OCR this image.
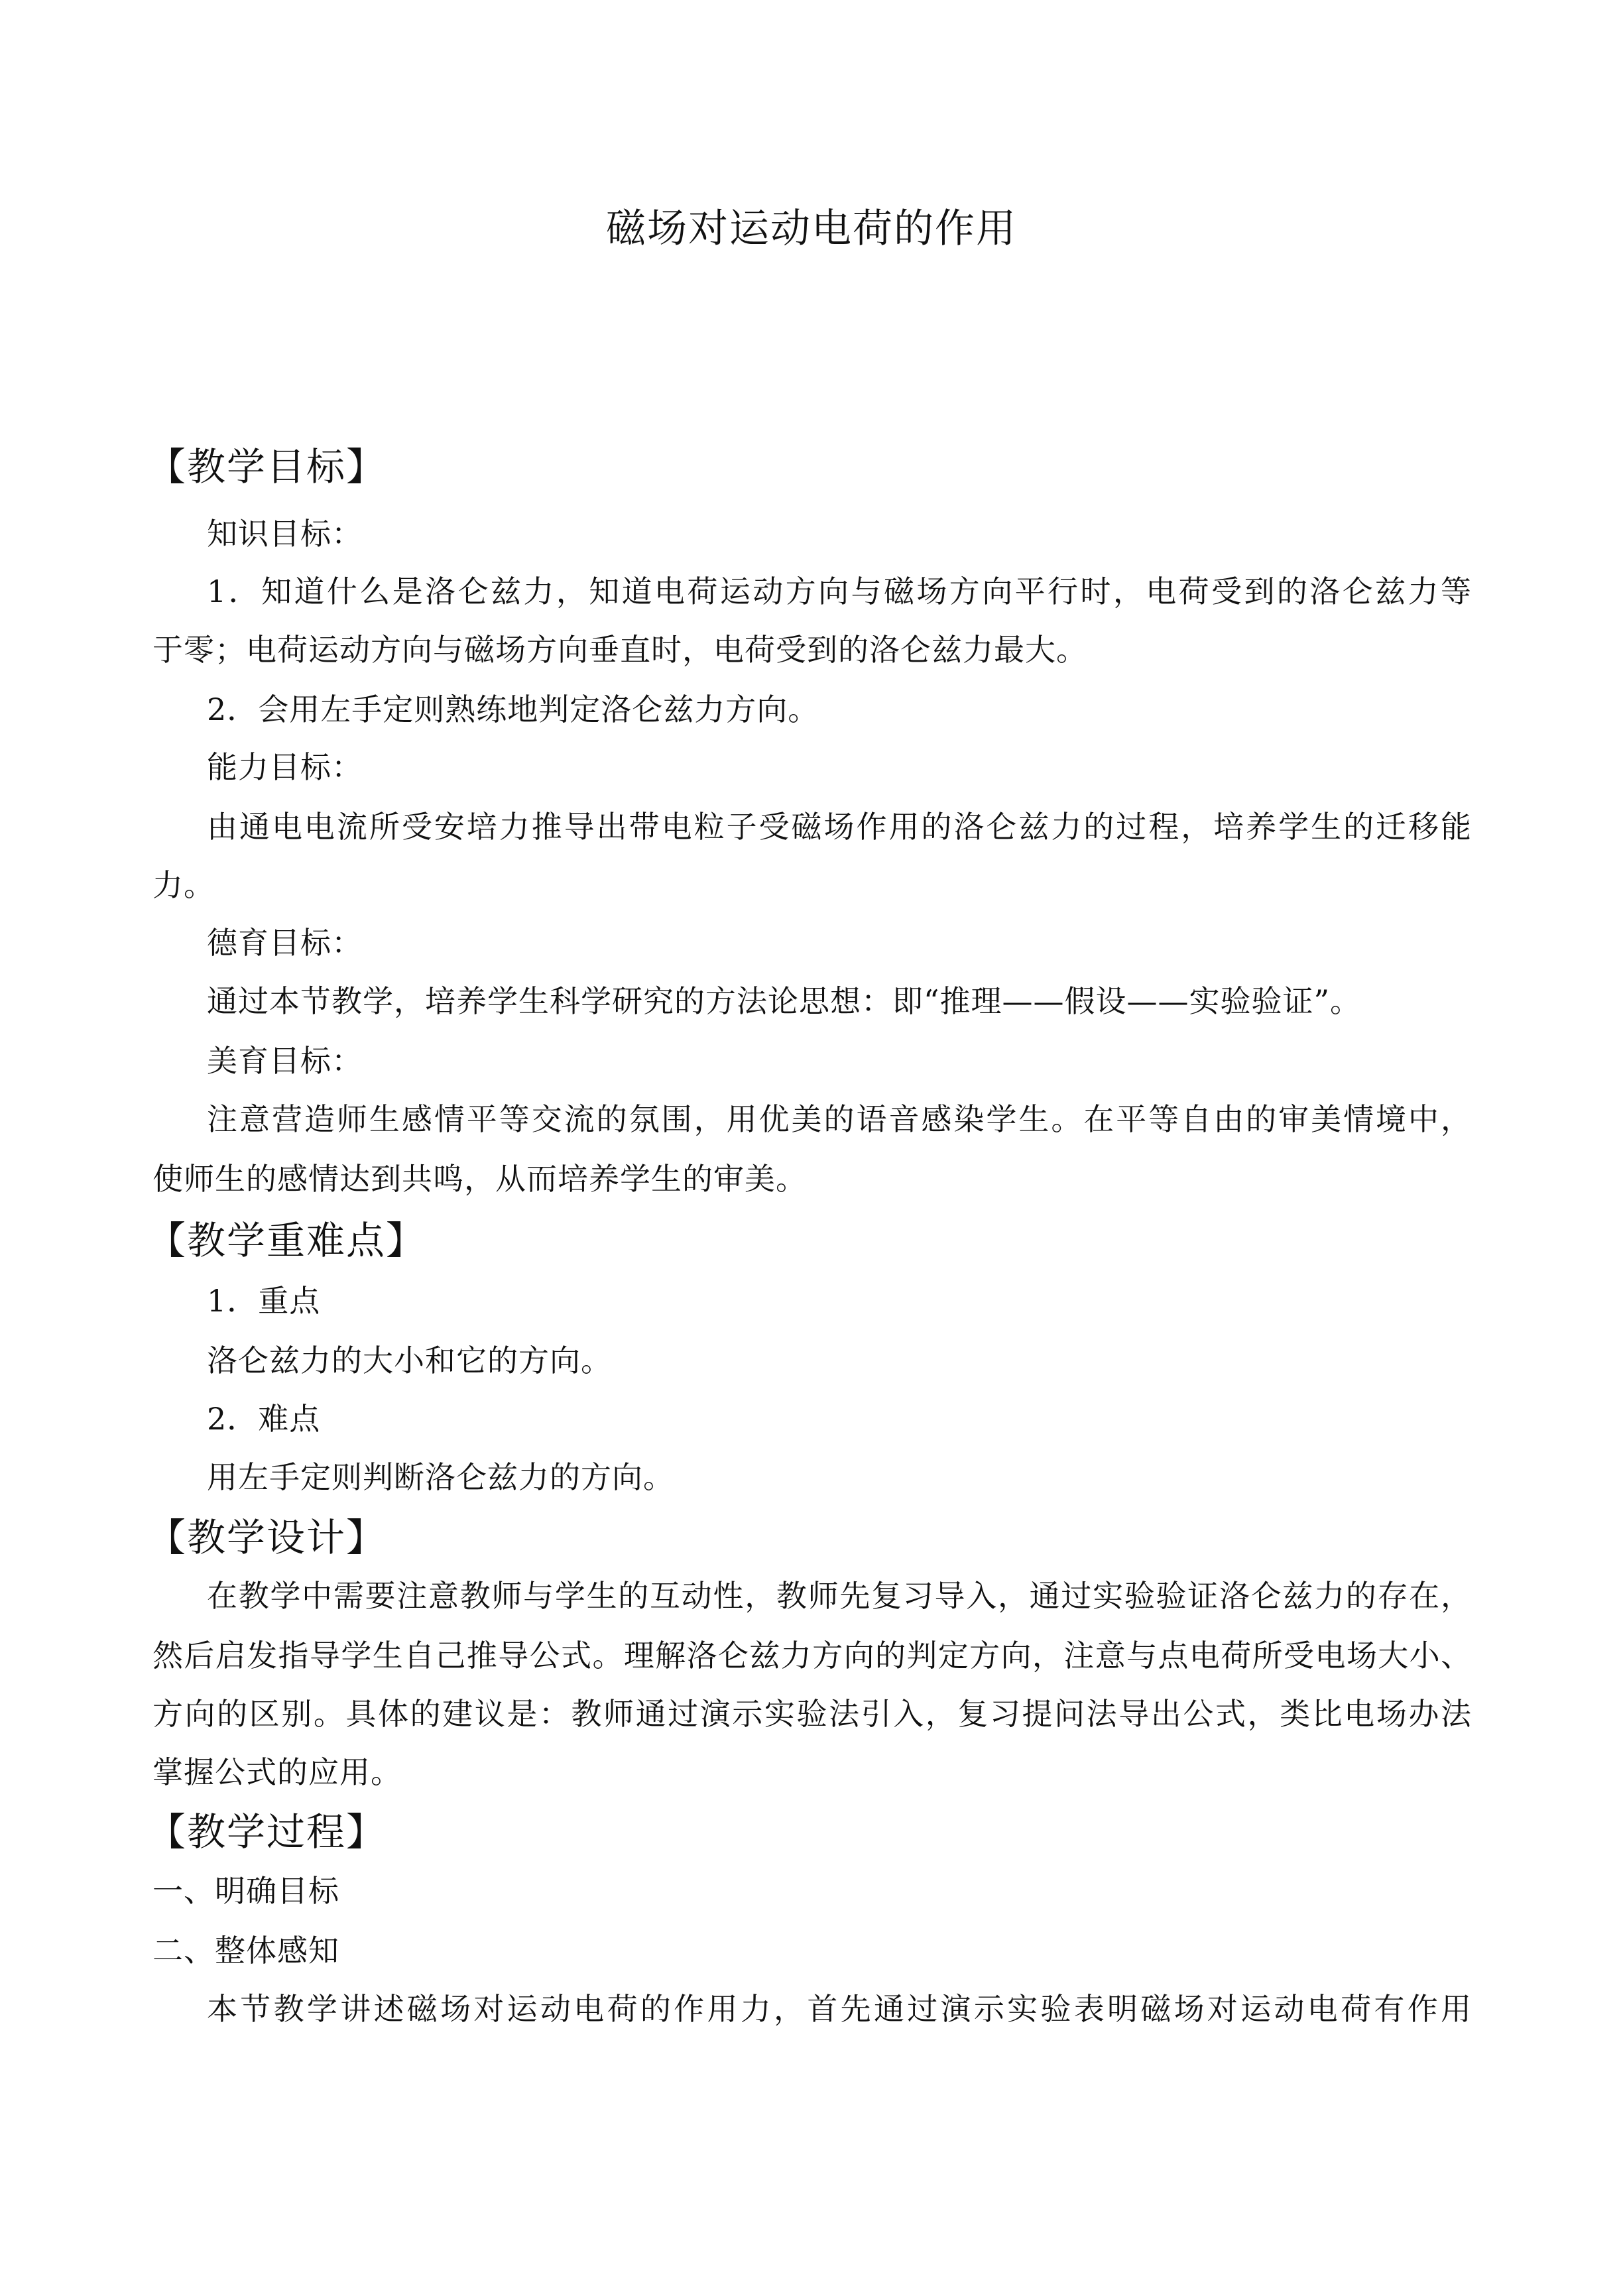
磁场对运动电荷的作用
【教学目标】
知识目标：
1．知道什么是洛仑兹力，知道电荷运动方向与磁场方向平行时，电荷受到的洛仑兹力等
于零；电荷运动方向与磁场方向垂直时，电荷受到的洛仑兹力最大。
2．会用左手定则熟练地判定洛仑兹力方向。
能力目标：
由通电电流所受安培力推导出带电粒子受磁场作用的洛仑兹力的过程，培养学生的迁移能
力。
德育目标：
通过本节教学，培养学生科学研究的方法论思想：即“推理——假设——实验验证”。
美育目标：
注意营造师生感情平等交流的氛围，用优美的语音感染学生。在平等自由的审美情境中，
使师生的感情达到共鸣，从而培养学生的审美。
【教学重难点】
1．重点
洛仑兹力的大小和它的方向。
2．难点
用左手定则判断洛仑兹力的方向。
【教学设计】
在教学中需要注意教师与学生的互动性，教师先复习导入，通过实验验证洛仑兹力的存在，
然后启发指导学生自己推导公式。理解洛仑兹力方向的判定方向，注意与点电荷所受电场大小、
方向的区别。具体的建议是：教师通过演示实验法引入，复习提问法导出公式，类比电场办法
掌握公式的应用。
【教学过程】
一、明确目标
二、整体感知
本节教学讲述磁场对运动电荷的作用力，首先通过演示实验表明磁场对运动电荷有作用
